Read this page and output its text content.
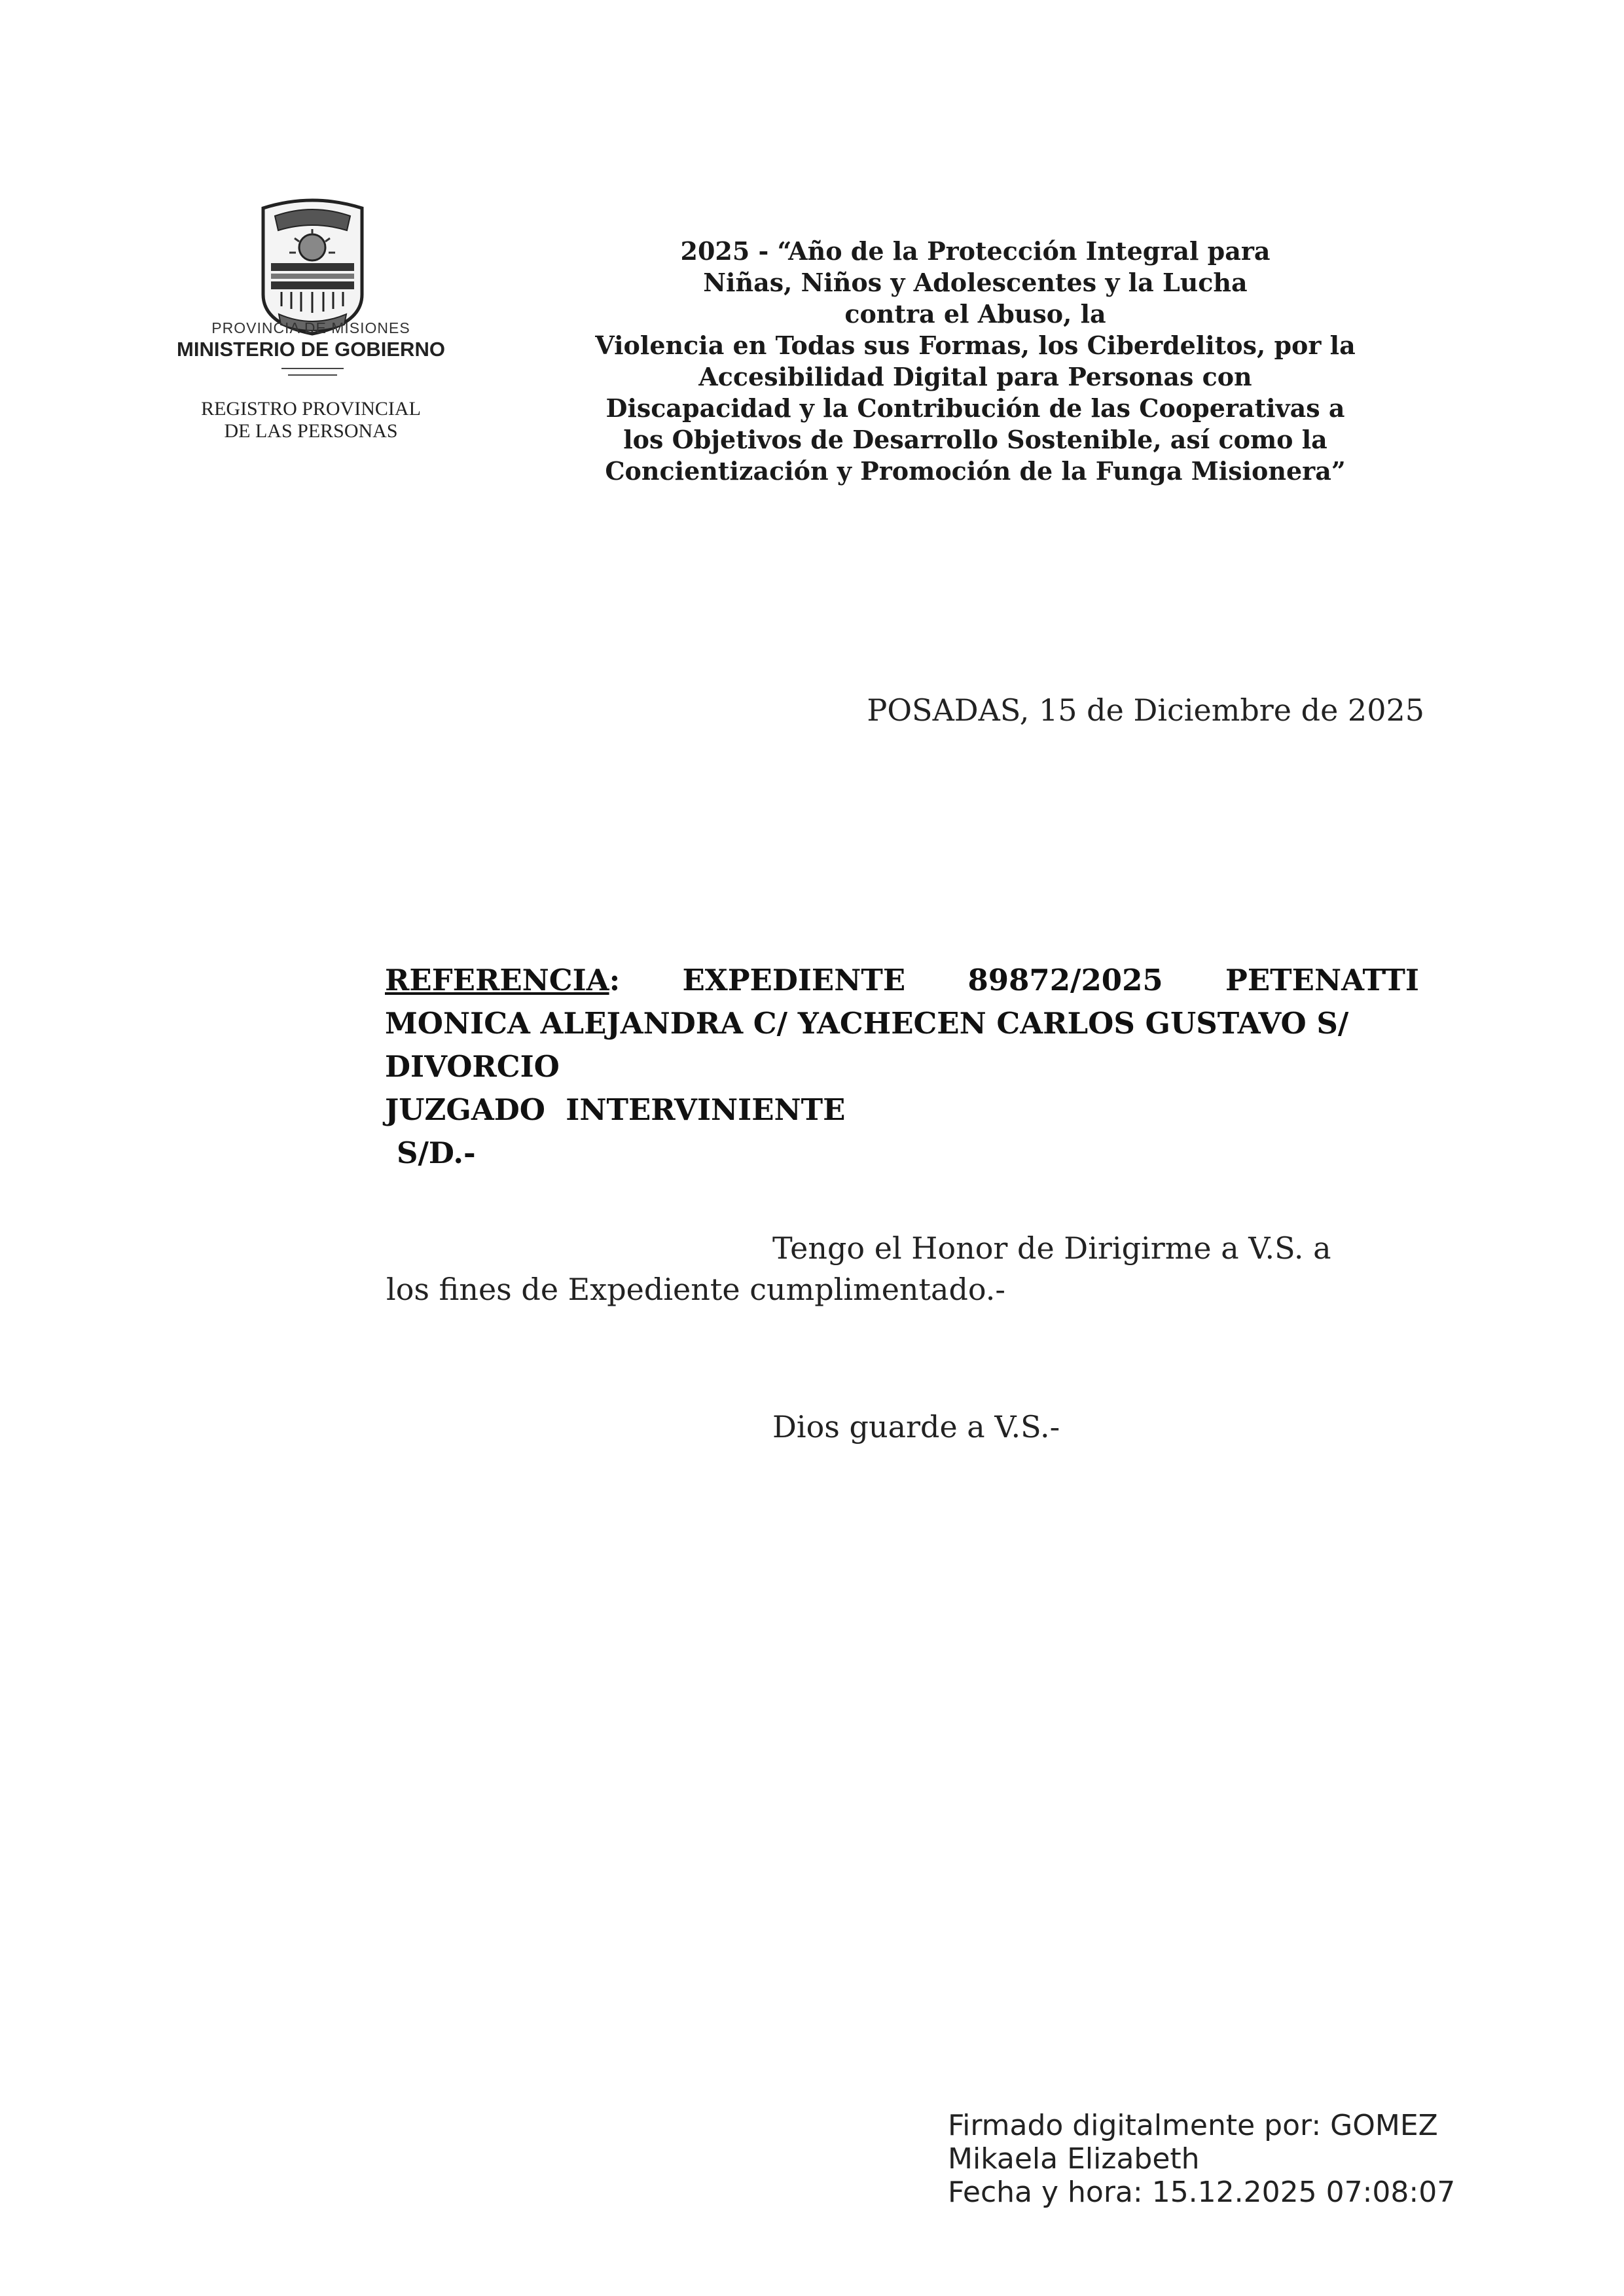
PROVINCIA DE MISIONES
MINISTERIO DE GOBIERNO
REGISTRO PROVINCIAL
DE LAS PERSONAS
2025 - “Año de la Protección Integral para
Niñas, Niños y Adolescentes y la Lucha
contra el Abuso, la
Violencia en Todas sus Formas, los Ciberdelitos, por la
Accesibilidad Digital para Personas con
Discapacidad y la Contribución de las Cooperativas a
los Objetivos de Desarrollo Sostenible, así como la
Concientización y Promoción de la Funga Misionera”
POSADAS, 15 de Diciembre de 2025
REFERENCIA: EXPEDIENTE 89872/2025 PETENATTI
MONICA ALEJANDRA C/ YACHECEN CARLOS GUSTAVO S/
DIVORCIO
JUZGADO  INTERVINIENTE
S/D.-
Tengo el Honor de Dirigirme a V.S. a
los fines de Expediente cumplimentado.-
Dios guarde a V.S.-
Firmado digitalmente por: GOMEZ
Mikaela Elizabeth
Fecha y hora: 15.12.2025 07:08:07
